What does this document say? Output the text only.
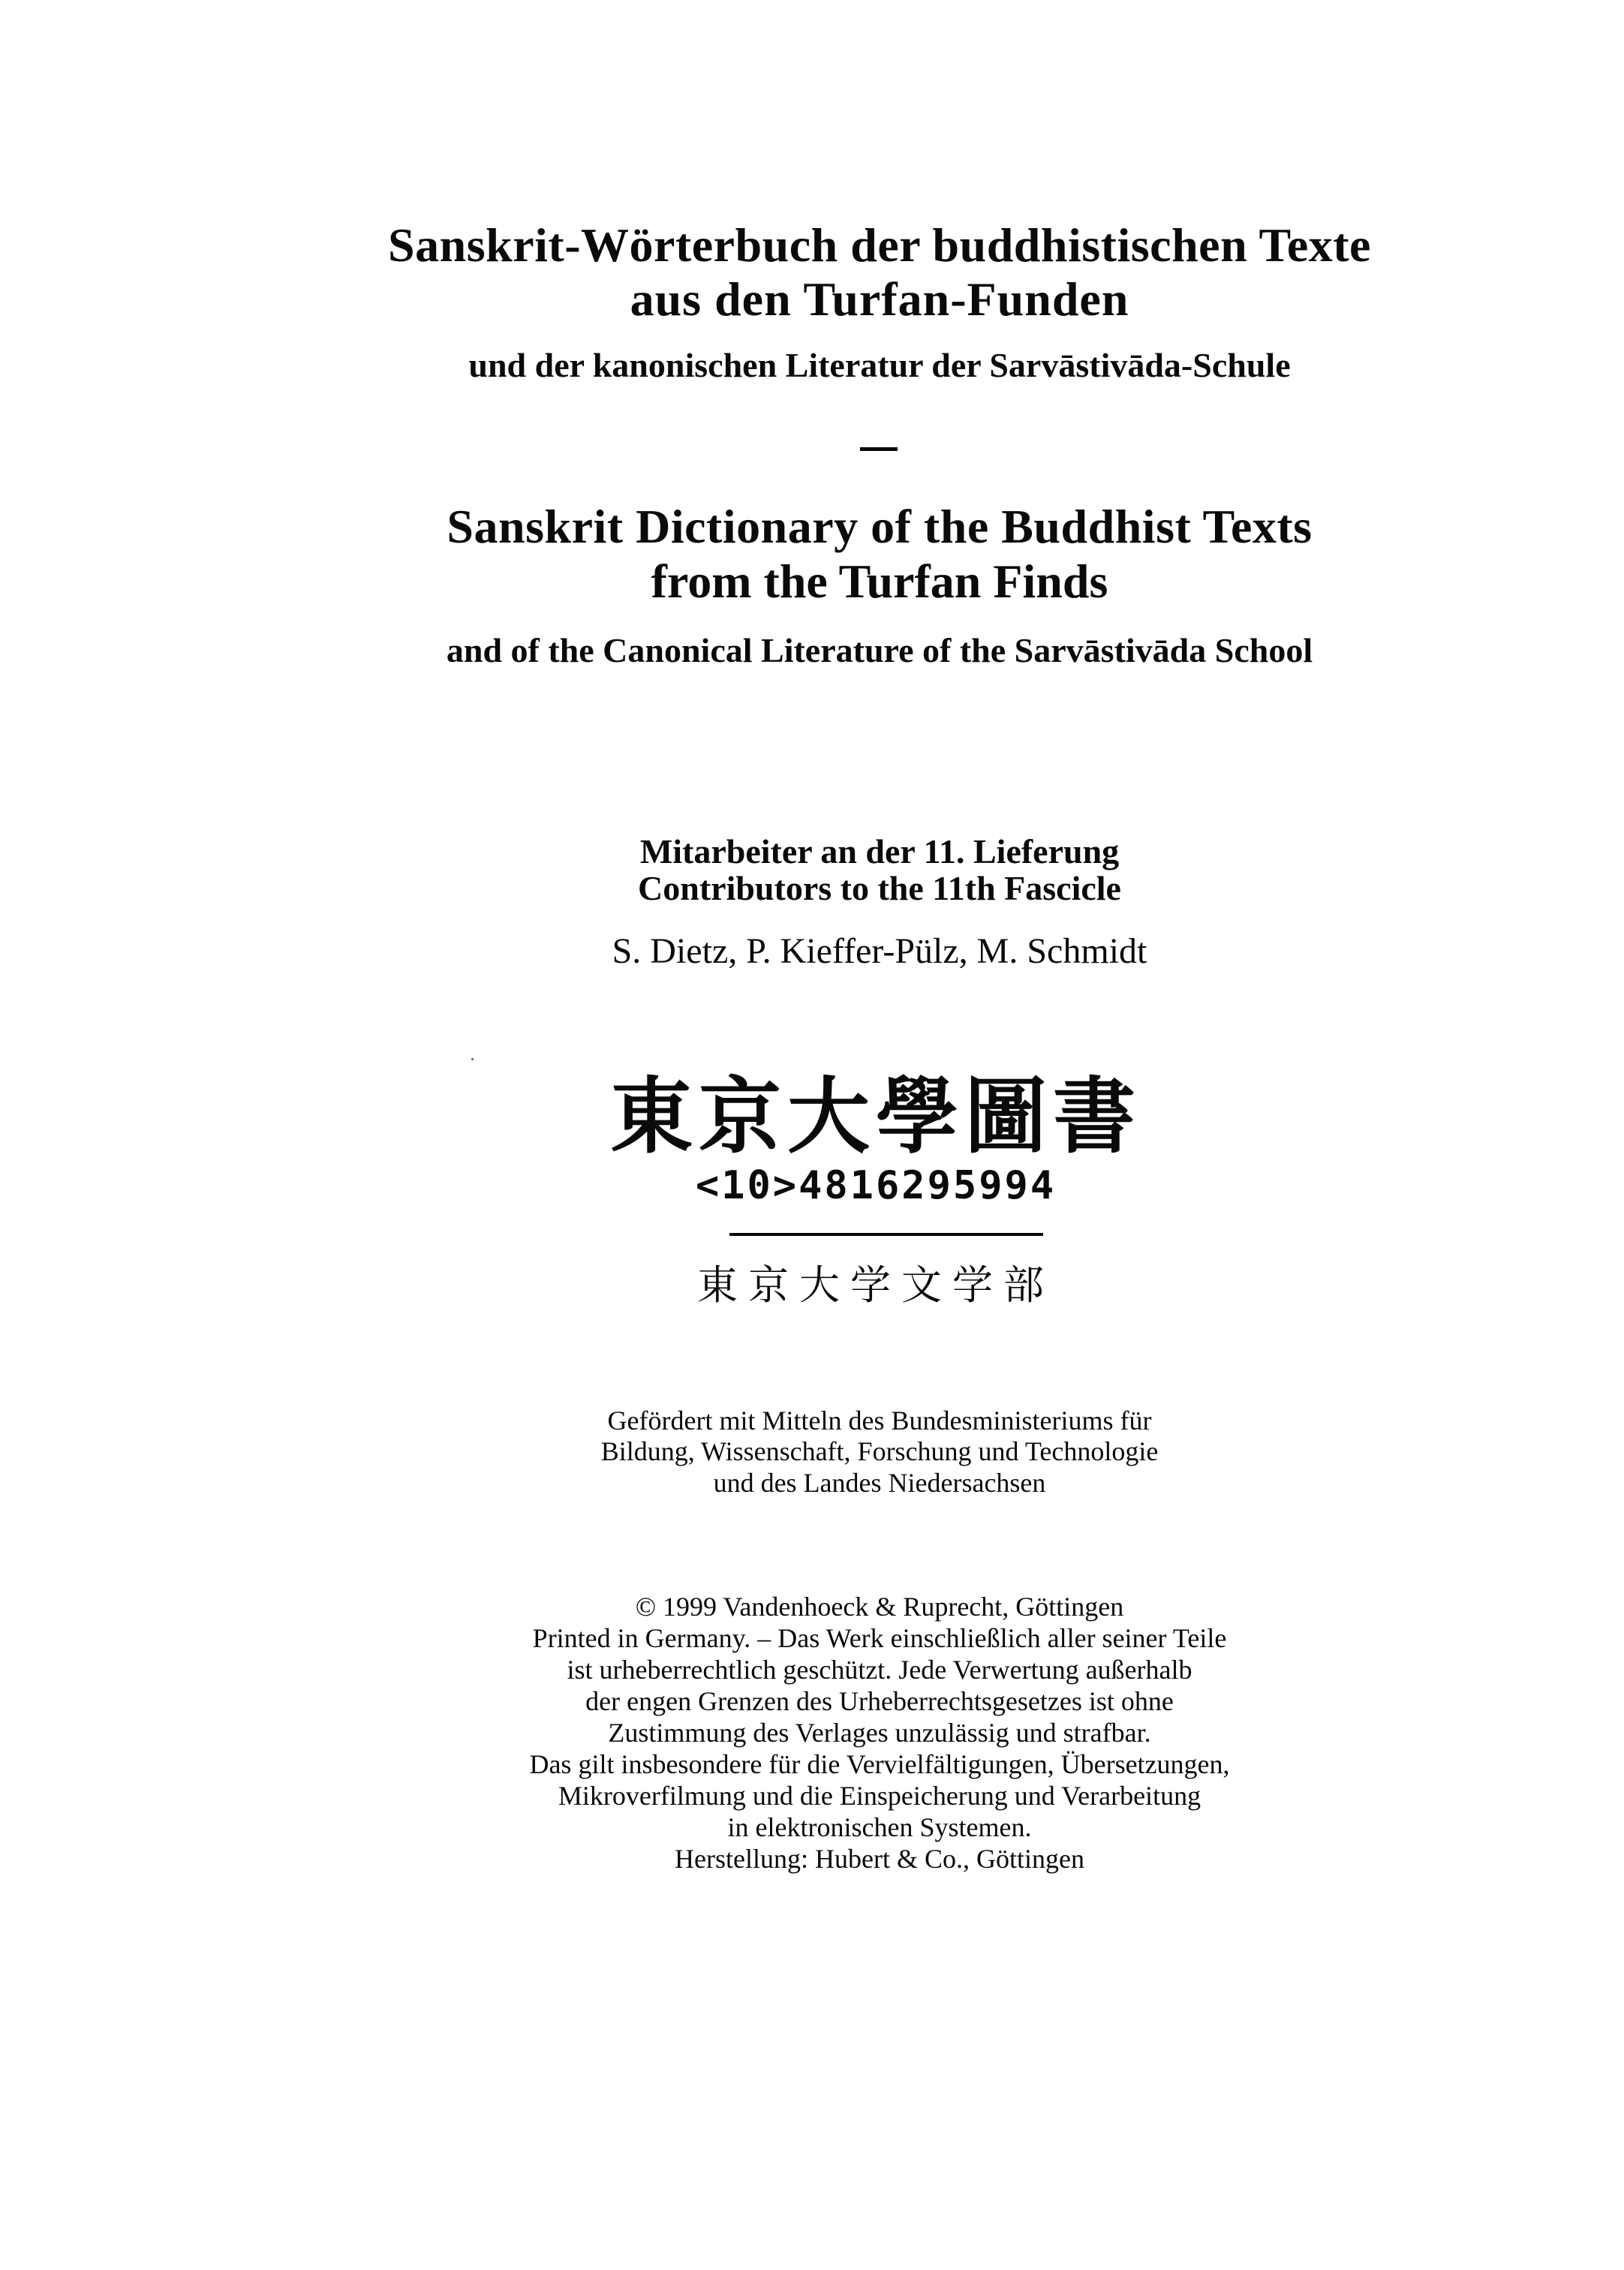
Sanskrit-Wörterbuch der buddhistischen Texte
aus den Turfan-Funden
und der kanonischen Literatur der Sarvāstivāda-Schule
Sanskrit Dictionary of the Buddhist Texts
from the Turfan Finds
and of the Canonical Literature of the Sarvāstivāda School
Mitarbeiter an der 11. Lieferung
Contributors to the 11th Fascicle
S. Dietz, P. Kieffer-Pülz, M. Schmidt
東京大學圖書
<10>4816295994
東京大学文学部
Gefördert mit Mitteln des Bundesministeriums für
Bildung, Wissenschaft, Forschung und Technologie
und des Landes Niedersachsen
© 1999 Vandenhoeck & Ruprecht, Göttingen
Printed in Germany. – Das Werk einschließlich aller seiner Teile
ist urheberrechtlich geschützt. Jede Verwertung außerhalb
der engen Grenzen des Urheberrechtsgesetzes ist ohne
Zustimmung des Verlages unzulässig und strafbar.
Das gilt insbesondere für die Vervielfältigungen, Übersetzungen,
Mikroverfilmung und die Einspeicherung und Verarbeitung
in elektronischen Systemen.
Herstellung: Hubert & Co., Göttingen
